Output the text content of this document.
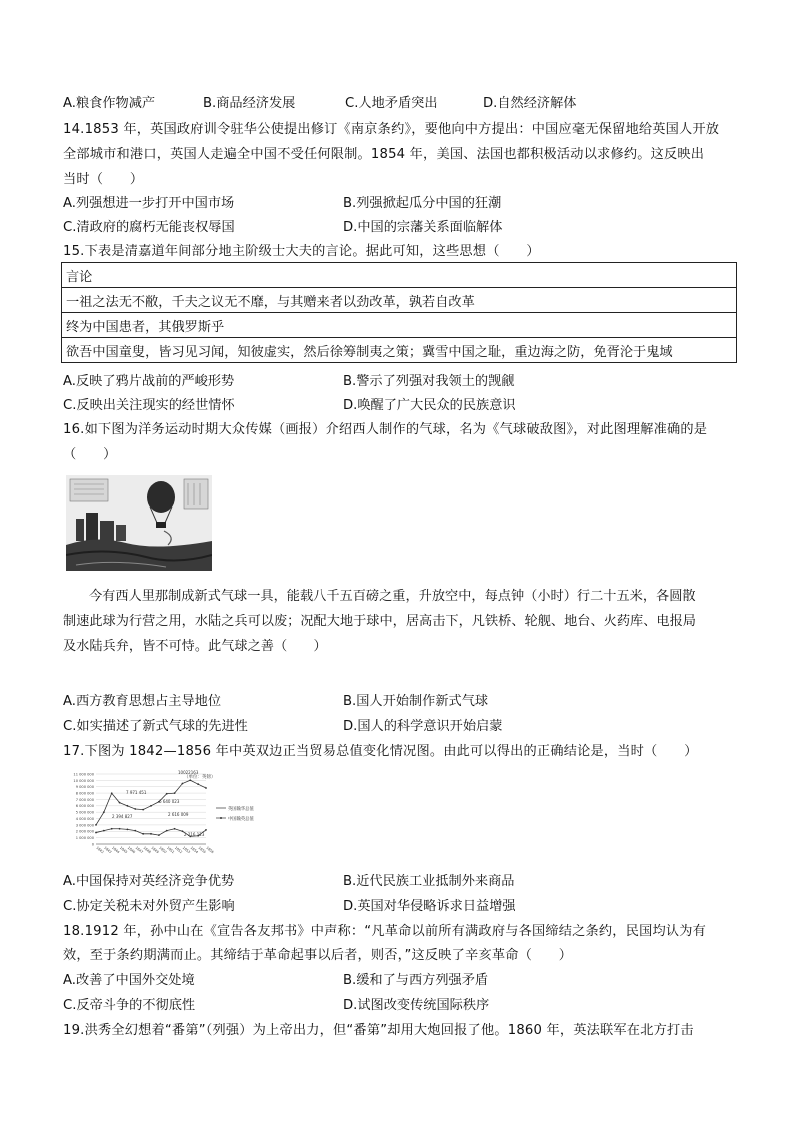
A.粮食作物减产	B.商品经济发展	C.人地矛盾突出	D.自然经济解体
14.1853 年，英国政府训令驻华公使提出修订《南京条约》，要他向中方提出：中国应毫无保留地给英国人开放
全部城市和港口，英国人走遍全中国不受任何限制。1854 年，美国、法国也都积极活动以求修约。这反映出
当时（　　）
A.列强想进一步打开中国市场	B.列强掀起瓜分中国的狂潮
C.清政府的腐朽无能丧权辱国	D.中国的宗藩关系面临解体
15.下表是清嘉道年间部分地主阶级士大夫的言论。据此可知，这些思想（　　）
言论
一祖之法无不敝，千夫之议无不靡，与其赠来者以劲改革，孰若自改革
终为中国患者，其俄罗斯乎
欲吾中国童叟，皆习见习闻，知彼虚实，然后徐筹制夷之策；冀雪中国之耻，重边海之防，免胥沦于鬼域
A.反映了鸦片战前的严峻形势	B.警示了列强对我领土的觊觎
C.反映出关注现实的经世情怀	D.唤醒了广大民众的民族意识
16.如下图为洋务运动时期大众传媒（画报）介绍西人制作的气球，名为《气球破敌图》，对此图理解准确的是
（　　）
今有西人里那制成新式气球一具，能载八千五百磅之重，升放空中，每点钟（小时）行二十五米，各圆散
制速此球为行营之用，水陆之兵可以废；况配大地于球中，居高击下，凡铁桥、轮舰、地台、火药库、电报局
及水陆兵弁，皆不可恃。此气球之善（　　）
A.西方教育思想占主导地位	B.国人开始制作新式气球
C.如实描述了新式气球的先进性	D.国人的科学意识开始启蒙
17.下图为 1842—1856 年中英双边正当贸易总值变化情况图。由此可以得出的正确结论是，当时（　　）
0
1 000 000
2 000 000
3 000 000
4 000 000
5 000 000
6 000 000
7 000 000
8 000 000
9 000 000
10 000 000
11 000 000
1842
1843
1844
1845
1846
1847
1848
1849
1850
1851
1852
1853
1854
1855
1856
（单位：英镑）
英国输华总值
中国输英总值
10022163
7 971 451
6 640 023
2 394 827	2 616 009
2 216 123
A.中国保持对英经济竞争优势	B.近代民族工业抵制外来商品
C.协定关税未对外贸产生影响	D.英国对华侵略诉求日益增强
18.1912 年，孙中山在《宣告各友邦书》中声称：“凡革命以前所有满政府与各国缔结之条约，民国均认为有
效，至于条约期满而止。其缔结于革命起事以后者，则否，”这反映了辛亥革命（　　）
A.改善了中国外交处境	B.缓和了与西方列强矛盾
C.反帝斗争的不彻底性	D.试图改变传统国际秩序
19.洪秀全幻想着“番第”（列强）为上帝出力，但“番第”却用大炮回报了他。1860 年，英法联军在北方打击
